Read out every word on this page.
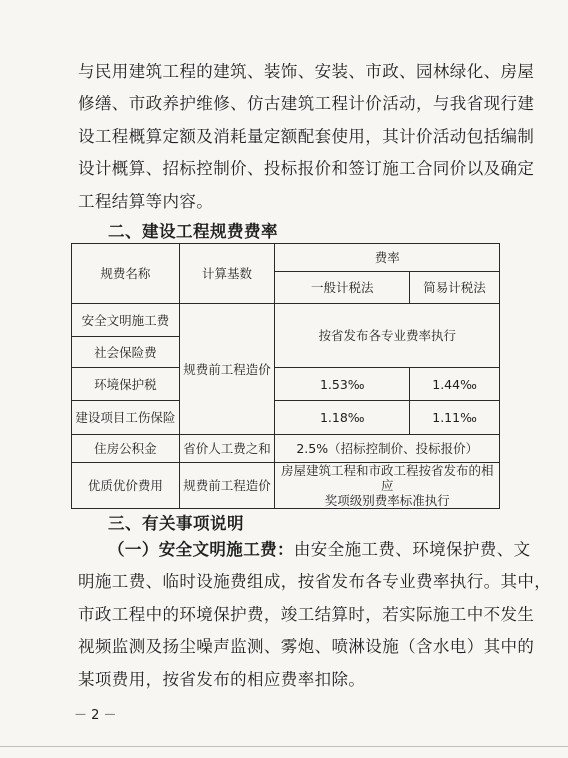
与民用建筑工程的建筑、装饰、安装、市政、园林绿化、房屋
修缮、市政养护维修、仿古建筑工程计价活动，与我省现行建
设工程概算定额及消耗量定额配套使用，其计价活动包括编制
设计概算、招标控制价、投标报价和签订施工合同价以及确定
工程结算等内容。
二、建设工程规费费率
规费名称	计算基数	费率	
		一般计税法	简易计税法
安全文明施工费	规费前工程造价	按省发布各专业费率执行	
社会保险费			
环境保护税		1.53‰	1.44‰
建设项目工伤保险		1.18‰	1.11‰
住房公积金	省价人工费之和	2.5%（招标控制价、投标报价）	
优质优价费用	规费前工程造价	房屋建筑工程和市政工程按省发布的相应
奖项级别费率标准执行	
三、有关事项说明
（一）安全文明施工费：由安全施工费、环境保护费、文
明施工费、临时设施费组成，按省发布各专业费率执行。其中，
市政工程中的环境保护费，竣工结算时，若实际施工中不发生
视频监测及扬尘噪声监测、雾炮、喷淋设施（含水电）其中的
某项费用，按省发布的相应费率扣除。
－ 2 －
